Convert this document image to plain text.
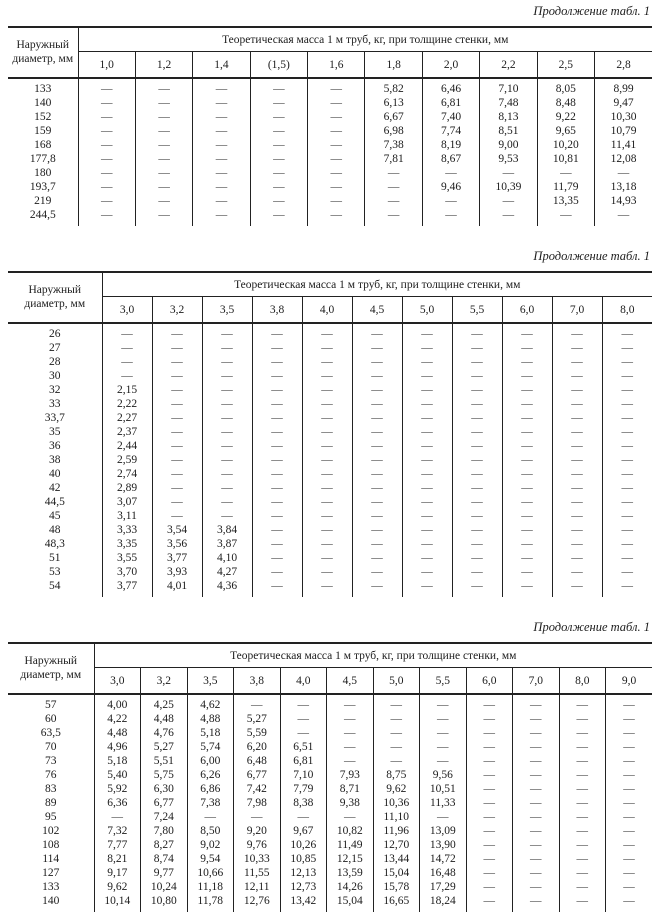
Продолжение табл. 1
Наружный диаметр, мм	Теоретическая масса 1 м труб, кг, при толщине стенки, мм									
	1,0	1,2	1,4	(1,5)	1,6	1,8	2,0	2,2	2,5	2,8
133	—	—	—	—	—	5,82	6,46	7,10	8,05	8,99
140	—	—	—	—	—	6,13	6,81	7,48	8,48	9,47
152	—	—	—	—	—	6,67	7,40	8,13	9,22	10,30
159	—	—	—	—	—	6,98	7,74	8,51	9,65	10,79
168	—	—	—	—	—	7,38	8,19	9,00	10,20	11,41
177,8	—	—	—	—	—	7,81	8,67	9,53	10,81	12,08
180	—	—	—	—	—	—	—	—	—	—
193,7	—	—	—	—	—	—	9,46	10,39	11,79	13,18
219	—	—	—	—	—	—	—	—	13,35	14,93
244,5	—	—	—	—	—	—	—	—	—	—
Продолжение табл. 1
Наружный диаметр, мм	Теоретическая масса 1 м труб, кг, при толщине стенки, мм										
	3,0	3,2	3,5	3,8	4,0	4,5	5,0	5,5	6,0	7,0	8,0
26	—	—	—	—	—	—	—	—	—	—	—
27	—	—	—	—	—	—	—	—	—	—	—
28	—	—	—	—	—	—	—	—	—	—	—
30	—	—	—	—	—	—	—	—	—	—	—
32	2,15	—	—	—	—	—	—	—	—	—	—
33	2,22	—	—	—	—	—	—	—	—	—	—
33,7	2,27	—	—	—	—	—	—	—	—	—	—
35	2,37	—	—	—	—	—	—	—	—	—	—
36	2,44	—	—	—	—	—	—	—	—	—	—
38	2,59	—	—	—	—	—	—	—	—	—	—
40	2,74	—	—	—	—	—	—	—	—	—	—
42	2,89	—	—	—	—	—	—	—	—	—	—
44,5	3,07	—	—	—	—	—	—	—	—	—	—
45	3,11	—	—	—	—	—	—	—	—	—	—
48	3,33	3,54	3,84	—	—	—	—	—	—	—	—
48,3	3,35	3,56	3,87	—	—	—	—	—	—	—	—
51	3,55	3,77	4,10	—	—	—	—	—	—	—	—
53	3,70	3,93	4,27	—	—	—	—	—	—	—	—
54	3,77	4,01	4,36	—	—	—	—	—	—	—	—
Продолжение табл. 1
Наружный диаметр, мм	Теоретическая масса 1 м труб, кг, при толщине стенки, мм											
	3,0	3,2	3,5	3,8	4,0	4,5	5,0	5,5	6,0	7,0	8,0	9,0
57	4,00	4,25	4,62	—	—	—	—	—	—	—	—	—
60	4,22	4,48	4,88	5,27	—	—	—	—	—	—	—	—
63,5	4,48	4,76	5,18	5,59	—	—	—	—	—	—	—	—
70	4,96	5,27	5,74	6,20	6,51	—	—	—	—	—	—	—
73	5,18	5,51	6,00	6,48	6,81	—	—	—	—	—	—	—
76	5,40	5,75	6,26	6,77	7,10	7,93	8,75	9,56	—	—	—	—
83	5,92	6,30	6,86	7,42	7,79	8,71	9,62	10,51	—	—	—	—
89	6,36	6,77	7,38	7,98	8,38	9,38	10,36	11,33	—	—	—	—
95	—	7,24	—	—	—	—	11,10	—	—	—	—	—
102	7,32	7,80	8,50	9,20	9,67	10,82	11,96	13,09	—	—	—	—
108	7,77	8,27	9,02	9,76	10,26	11,49	12,70	13,90	—	—	—	—
114	8,21	8,74	9,54	10,33	10,85	12,15	13,44	14,72	—	—	—	—
127	9,17	9,77	10,66	11,55	12,13	13,59	15,04	16,48	—	—	—	—
133	9,62	10,24	11,18	12,11	12,73	14,26	15,78	17,29	—	—	—	—
140	10,14	10,80	11,78	12,76	13,42	15,04	16,65	18,24	—	—	—	—
